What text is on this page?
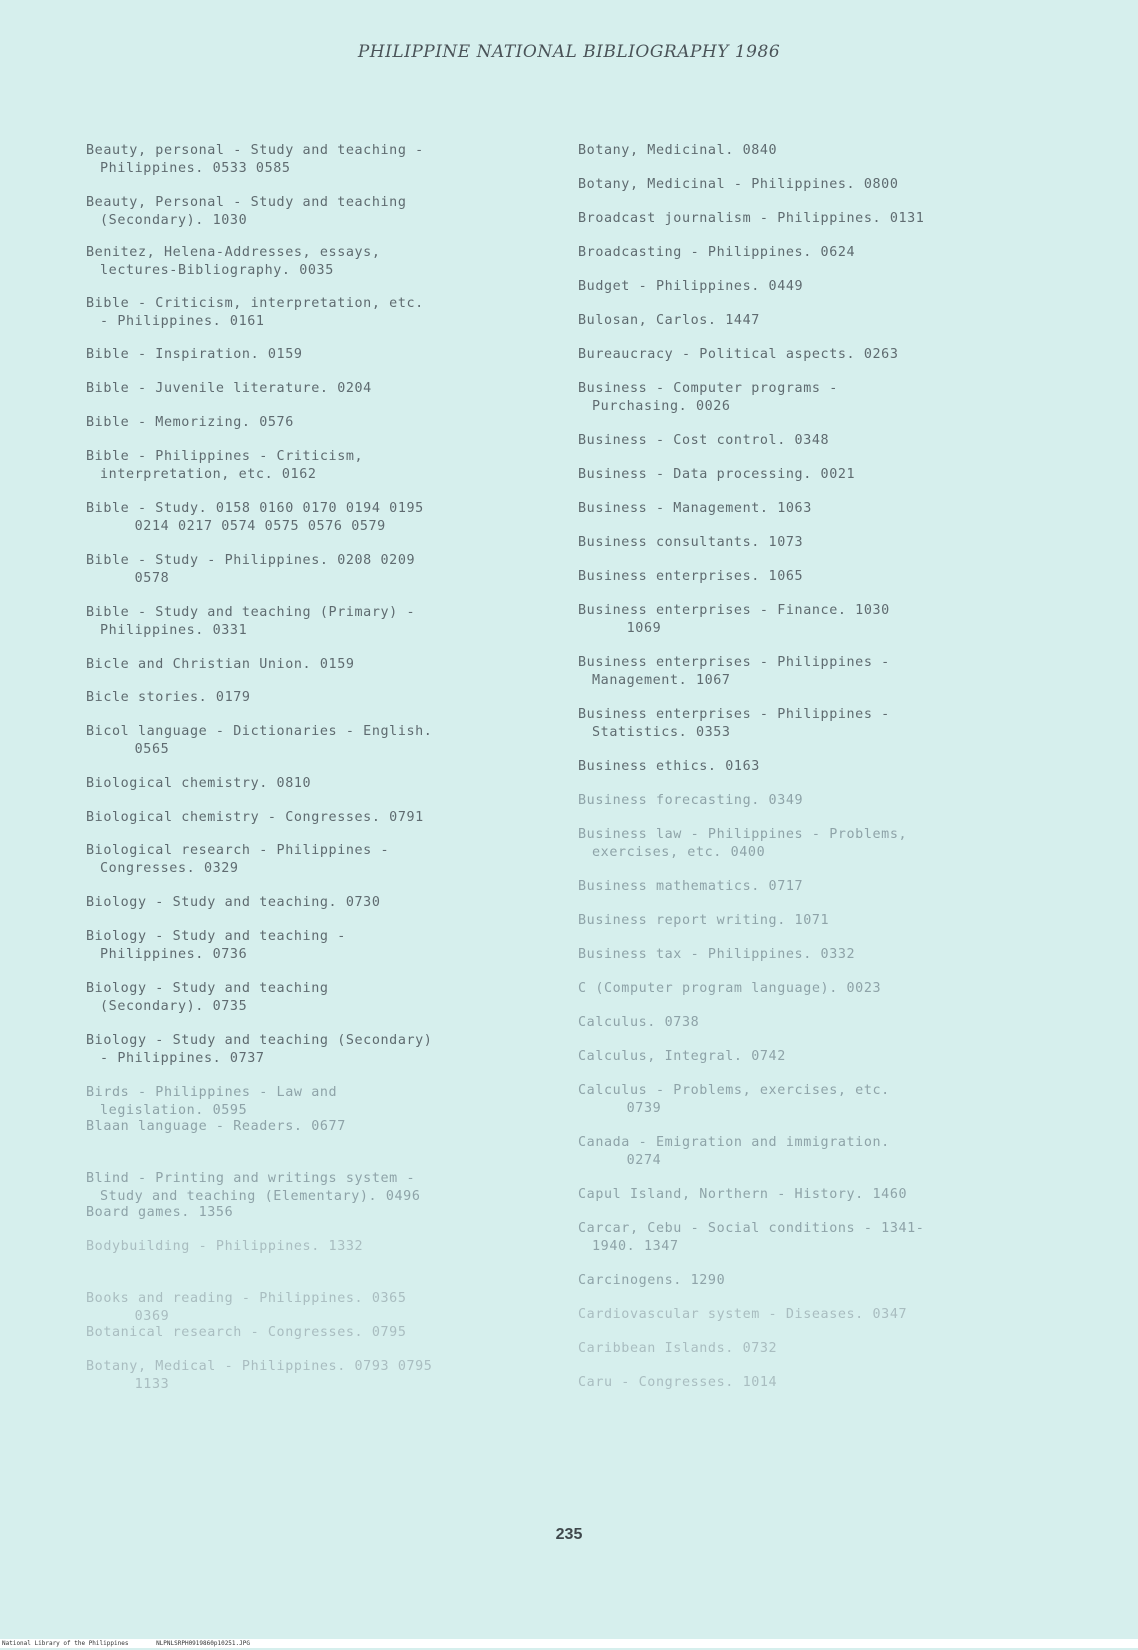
PHILIPPINE NATIONAL BIBLIOGRAPHY 1986
Beauty, personal - Study and teaching -
Philippines. 0533 0585
Beauty, Personal - Study and teaching
(Secondary). 1030
Benitez, Helena-Addresses, essays,
lectures-Bibliography. 0035
Bible - Criticism, interpretation, etc.
- Philippines. 0161
Bible - Inspiration. 0159
Bible - Juvenile literature. 0204
Bible - Memorizing. 0576
Bible - Philippines - Criticism,
interpretation, etc. 0162
Bible - Study. 0158 0160 0170 0194 0195
0214 0217 0574 0575 0576 0579
Bible - Study - Philippines. 0208 0209
0578
Bible - Study and teaching (Primary) -
Philippines. 0331
Bicle and Christian Union. 0159
Bicle stories. 0179
Bicol language - Dictionaries - English.
0565
Biological chemistry. 0810
Biological chemistry - Congresses. 0791
Biological research - Philippines -
Congresses. 0329
Biology - Study and teaching. 0730
Biology - Study and teaching -
Philippines. 0736
Biology - Study and teaching
(Secondary). 0735
Biology - Study and teaching (Secondary)
- Philippines. 0737
Birds - Philippines - Law and
legislation. 0595
Blaan language - Readers. 0677
Blind - Printing and writings system -
Study and teaching (Elementary). 0496
Board games. 1356
Bodybuilding - Philippines. 1332
Books and reading - Philippines. 0365
0369
Botanical research - Congresses. 0795
Botany, Medical - Philippines. 0793 0795
1133
Botany, Medicinal. 0840
Botany, Medicinal - Philippines. 0800
Broadcast journalism - Philippines. 0131
Broadcasting - Philippines. 0624
Budget - Philippines. 0449
Bulosan, Carlos. 1447
Bureaucracy - Political aspects. 0263
Business - Computer programs -
Purchasing. 0026
Business - Cost control. 0348
Business - Data processing. 0021
Business - Management. 1063
Business consultants. 1073
Business enterprises. 1065
Business enterprises - Finance. 1030
1069
Business enterprises - Philippines -
Management. 1067
Business enterprises - Philippines -
Statistics. 0353
Business ethics. 0163
Business forecasting. 0349
Business law - Philippines - Problems,
exercises, etc. 0400
Business mathematics. 0717
Business report writing. 1071
Business tax - Philippines. 0332
C (Computer program language). 0023
Calculus. 0738
Calculus, Integral. 0742
Calculus - Problems, exercises, etc.
0739
Canada - Emigration and immigration.
0274
Capul Island, Northern - History. 1460
Carcar, Cebu - Social conditions - 1341-
1940. 1347
Carcinogens. 1290
Cardiovascular system - Diseases. 0347
Caribbean Islands. 0732
Caru - Congresses. 1014
235
National Library of the Philippines	NLPNLSRPH0919860p10251.JPG
